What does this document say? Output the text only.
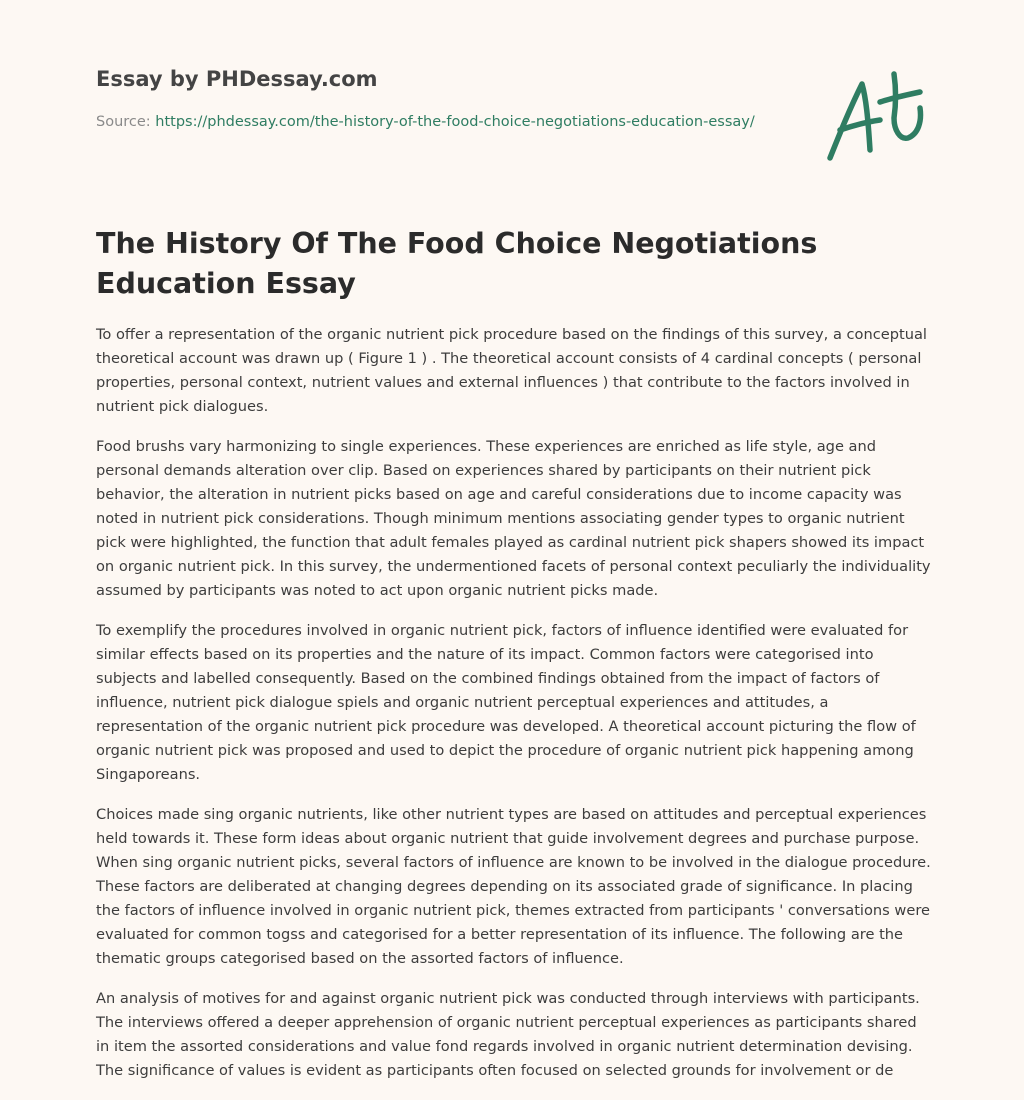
Essay by PHDessay.com
Source: https://phdessay.com/the-history-of-the-food-choice-negotiations-education-essay/
The History Of The Food Choice Negotiations Education Essay

To offer a representation of the organic nutrient pick procedure based on the findings of this survey, a conceptual theoretical account was drawn up ( Figure 1 ) . The theoretical account consists of 4 cardinal concepts ( personal properties, personal context, nutrient values and external influences ) that contribute to the factors involved in nutrient pick dialogues.

Food brushs vary harmonizing to single experiences. These experiences are enriched as life style, age and personal demands alteration over clip. Based on experiences shared by participants on their nutrient pick behavior, the alteration in nutrient picks based on age and careful considerations due to income capacity was noted in nutrient pick considerations. Though minimum mentions associating gender types to organic nutrient pick were highlighted, the function that adult females played as cardinal nutrient pick shapers showed its impact on organic nutrient pick. In this survey, the undermentioned facets of personal context peculiarly the individuality assumed by participants was noted to act upon organic nutrient picks made.

To exemplify the procedures involved in organic nutrient pick, factors of influence identified were evaluated for similar effects based on its properties and the nature of its impact. Common factors were categorised into subjects and labelled consequently. Based on the combined findings obtained from the impact of factors of influence, nutrient pick dialogue spiels and organic nutrient perceptual experiences and attitudes, a representation of the organic nutrient pick procedure was developed. A theoretical account picturing the flow of organic nutrient pick was proposed and used to depict the procedure of organic nutrient pick happening among Singaporeans.

Choices made sing organic nutrients, like other nutrient types are based on attitudes and perceptual experiences held towards it. These form ideas about organic nutrient that guide involvement degrees and purchase purpose. When sing organic nutrient picks, several factors of influence are known to be involved in the dialogue procedure. These factors are deliberated at changing degrees depending on its associated grade of significance. In placing the factors of influence involved in organic nutrient pick, themes extracted from participants ' conversations were evaluated for common togss and categorised for a better representation of its influence. The following are the thematic groups categorised based on the assorted factors of influence.

An analysis of motives for and against organic nutrient pick was conducted through interviews with participants. The interviews offered a deeper apprehension of organic nutrient perceptual experiences as participants shared in item the assorted considerations and value fond regards involved in organic nutrient determination devising. The significance of values is evident as participants often focused on selected grounds for involvement or de
